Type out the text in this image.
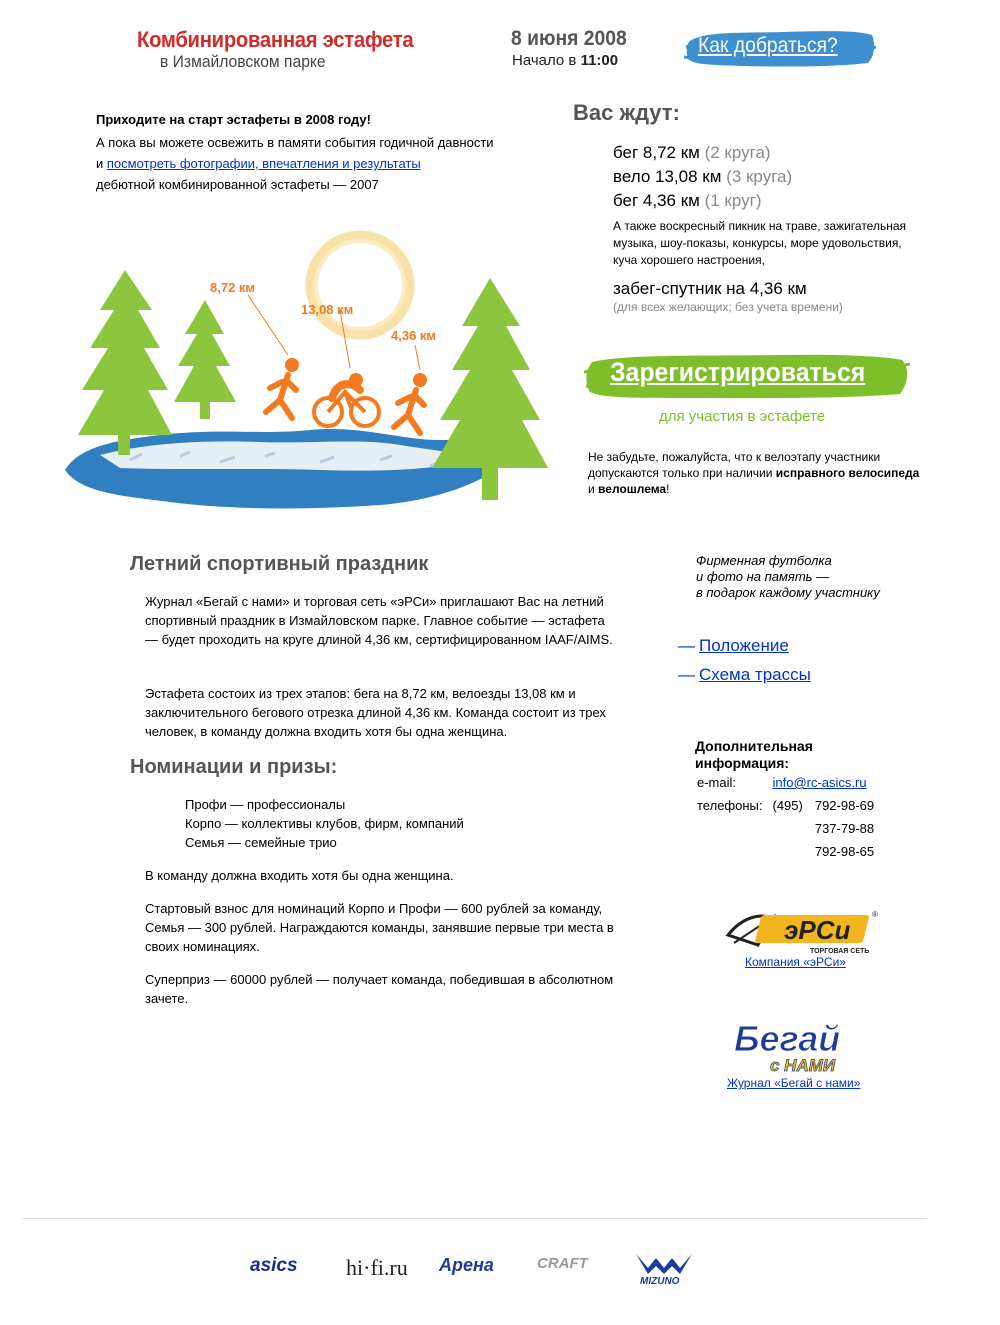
Комбинированная эстафета
в Измайловском парке
8 июня 2008
Начало в 11:00
Как добраться?
Приходите на старт эстафеты в 2008 году!
А пока вы можете освежить в памяти события годичной давности
и посмотреть фотографии, впечатления и результаты
дебютной комбинированной эстафеты — 2007
8,72 км
13,08 км
4,36 км
Вас ждут:
бег 8,72 км (2 круга)
вело 13,08 км (3 круга)
бег 4,36 км (1 круг)
А также воскресный пикник на траве, зажигательная музыка, шоу-показы, конкурсы, море удовольствия, куча хорошего настроения,
забег-спутник на 4,36 км
(для всех желающих; без учета времени)
Зарегистрироваться
для участия в эстафете
Не забудьте, пожалуйста, что к велоэтапу участники допускаются только при наличии исправного велосипеда и велошлема!
Летний спортивный праздник
Журнал «Бегай с нами» и торговая сеть «эРСи» приглашают Вас на летний спортивный праздник в Измайловском парке. Главное событие — эстафета — будет проходить на круге длиной 4,36 км, сертифицированном IAAF/AIMS.
Эстафета состоих из трех этапов: бега на 8,72 км, велоезды 13,08 км и заключительного бегового отрезка длиной 4,36 км. Команда состоит из трех человек, в команду должна входить хотя бы одна женщина.
Номинации и призы:
Профи — профессионалы
Корпо — коллективы клубов, фирм, компаний
Семья — семейные трио
В команду должна входить хотя бы одна женщина.
Стартовый взнос для номинаций Корпо и Профи — 600 рублей за команду, Семья — 300 рублей. Награждаются команды, занявшие первые три места в своих номинациях.
Суперприз — 60000 рублей — получает команда, победившая в абсолютном зачете.
Фирменная футболка
и фото на память —
в подарок каждому участнику
— Положение
— Схема трассы
Дополнительная
информация:
e-mail:	info@rc-asics.ru	
телефоны:	(495)	792-98-69
		737-79-88
		792-98-65
эРСи
ТОРГОВАЯ СЕТЬ
®
Компания «эРСи»
Бегай
с НАМИ
Журнал «Бегай с нами»
asics hi·fi.ru Арена	CRAFT
MIZUNO
